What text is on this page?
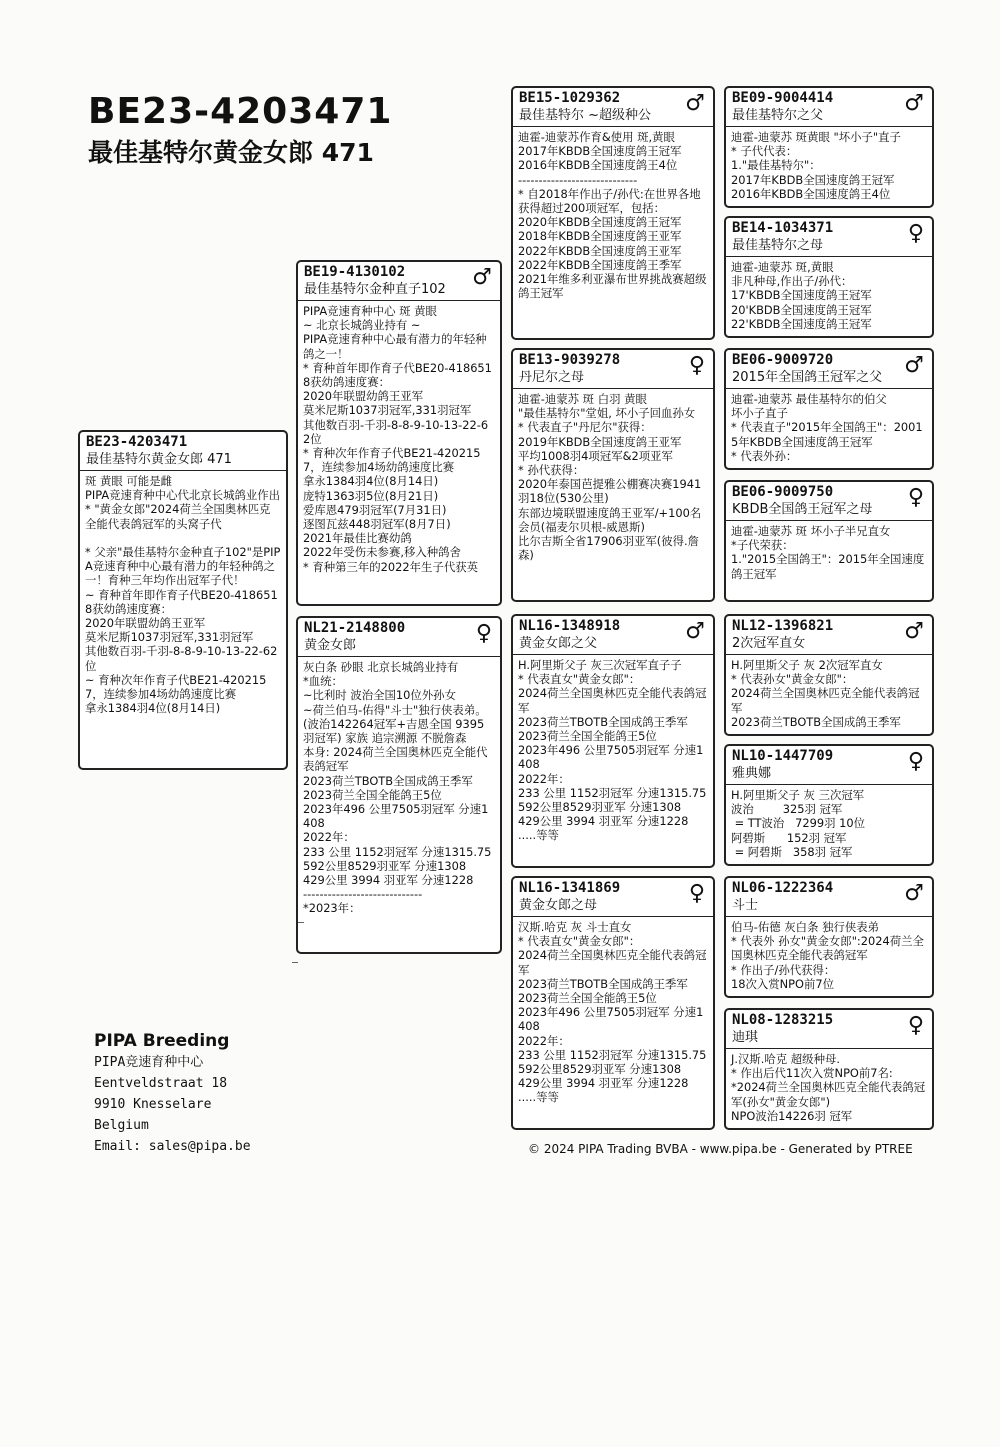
BE23-4203471
最佳基特尔黄金女郎 471
BE23-4203471
最佳基特尔黄金女郎 471
斑 黄眼 可能是雌
PIPA竞速育种中心代北京长城鸽业作出
* "黄金女郎"2024荷兰全国奥林匹克全能代表鸽冠军的头窝子代

* 父亲"最佳基特尔金种直子102"是PIPA竞速育种中心最有潜力的年轻种鸽之一！育种三年均作出冠军子代！
~ 育种首年即作育子代BE20-4186518获幼鸽速度赛：
2020年联盟幼鸽王亚军
莫米尼斯1037羽冠军,331羽冠军
其他数百羽-千羽-8-8-9-10-13-22-62位
~ 育种次年作育子代BE21-4202157，连续参加4场幼鸽速度比赛
拿永1384羽4位(8月14日)
BE19-4130102
最佳基特尔金种直子102	♂
PIPA竞速育种中心 斑 黄眼
~ 北京长城鸽业持有 ~
PIPA竞速育种中心最有潜力的年轻种鸽之一！
* 育种首年即作育子代BE20-4186518获幼鸽速度赛：
2020年联盟幼鸽王亚军
莫米尼斯1037羽冠军,331羽冠军
其他数百羽-千羽-8-8-9-10-13-22-62位
* 育种次年作育子代BE21-4202157，连续参加4场幼鸽速度比赛
拿永1384羽4位(8月14日)
庞特1363羽5位(8月21日)
爱库恩479羽冠军(7月31日)
逐图瓦兹448羽冠军(8月7日)
2021年最佳比赛幼鸽
2022年受伤未参赛,移入种鸽舍
* 育种第三年的2022年生子代获英
NL21-2148800
黄金女郎	♀
灰白条 砂眼 北京长城鸽业持有
*血统：
~比利时 波治全国10位外孙女
~荷兰伯马-佑得"斗士"独行侠表弟。
(波治142264冠军+吉恩全国 9395羽冠军) 家族 追宗溯源 不脱詹森
本身: 2024荷兰全国奥林匹克全能代表鸽冠军
2023荷兰TBOTB全国成鸽王季军
2023荷兰全国全能鸽王5位
2023年496 公里7505羽冠军 分速1408
2022年：
233 公里 1152羽冠军 分速1315.75
592公里8529羽亚军 分速1308
429公里 3994 羽亚军 分速1228
-----------------------------
*2023年：
BE15-1029362
最佳基特尔 ~超级种公	♂
迪霍-迪蒙苏作育&使用 斑,黄眼
2017年KBDB全国速度鸽王冠军
2016年KBDB全国速度鸽王4位
-----------------------------
* 自2018年作出子/孙代:在世界各地获得超过200项冠军，包括：
2020年KBDB全国速度鸽王冠军
2018年KBDB全国速度鸽王亚军
2022年KBDB全国速度鸽王亚军
2022年KBDB全国速度鸽王季军
2021年维多利亚瀑布世界挑战赛超级鸽王冠军
BE13-9039278
丹尼尔之母	♀
迪霍-迪蒙苏 斑 白羽 黄眼
"最佳基特尔"堂姐, 坏小子回血孙女
* 代表直子"丹尼尔"获得：
2019年KBDB全国速度鸽王亚军
平均1008羽4项冠军&2项亚军
* 孙代获得：
2020年泰国芭提雅公棚赛决赛1941羽18位(530公里)
东部边境联盟速度鸽王亚军/+100名会员(福麦尔贝根-威恩斯)
比尔吉斯全省17906羽亚军(彼得.詹森)
NL16-1348918
黄金女郎之父	♂
H.阿里斯父子 灰三次冠军直子子
* 代表直女"黄金女郎"：
2024荷兰全国奥林匹克全能代表鸽冠军
2023荷兰TBOTB全国成鸽王季军
2023荷兰全国全能鸽王5位
2023年496 公里7505羽冠军 分速1408
2022年：
233 公里 1152羽冠军 分速1315.75
592公里8529羽亚军 分速1308
429公里 3994 羽亚军 分速1228
.....等等
NL16-1341869
黄金女郎之母	♀
汉斯.哈克 灰 斗士直女
* 代表直女"黄金女郎"：
2024荷兰全国奥林匹克全能代表鸽冠军
2023荷兰TBOTB全国成鸽王季军
2023荷兰全国全能鸽王5位
2023年496 公里7505羽冠军 分速1408
2022年：
233 公里 1152羽冠军 分速1315.75
592公里8529羽亚军 分速1308
429公里 3994 羽亚军 分速1228
.....等等
BE09-9004414
最佳基特尔之父	♂
迪霍-迪蒙苏 斑黄眼 "坏小子"直子
* 子代代表：
1."最佳基特尔"：
2017年KBDB全国速度鸽王冠军
2016年KBDB全国速度鸽王4位
BE14-1034371
最佳基特尔之母	♀
迪霍-迪蒙苏 斑,黄眼
非凡种母,作出子/孙代：
17'KBDB全国速度鸽王冠军
20'KBDB全国速度鸽王冠军
22'KBDB全国速度鸽王冠军
BE06-9009720
2015年全国鸽王冠军之父	♂
迪霍-迪蒙苏 最佳基特尔的伯父
坏小子直子
* 代表直子"2015年全国鸽王"：20015年KBDB全国速度鸽王冠军
* 代表外孙：
BE06-9009750
KBDB全国鸽王冠军之母	♀
迪霍-迪蒙苏 斑 坏小子半兄直女
*子代荣获：
1."2015全国鸽王"：2015年全国速度鸽王冠军
NL12-1396821
2次冠军直女	♂
H.阿里斯父子 灰 2次冠军直女
* 代表孙女"黄金女郎"：
2024荷兰全国奥林匹克全能代表鸽冠军
2023荷兰TBOTB全国成鸽王季军
NL10-1447709
雅典娜	♀
H.阿里斯父子 灰 三次冠军
波治        325羽 冠军
= TT波治   7299羽 10位
阿碧斯      152羽 冠军
= 阿碧斯   358羽 冠军
NL06-1222364
斗士	♂
伯马-佑德 灰白条 独行侠表弟
* 代表外 孙女"黄金女郎":2024荷兰全国奥林匹克全能代表鸽冠军
* 作出子/孙代获得：
18次入赏NPO前7位
NL08-1283215
迪琪	♀
J.汉斯.哈克 超级种母.
* 作出后代11次入赏NPO前7名:
*2024荷兰全国奥林匹克全能代表鸽冠军(孙女"黄金女郎")
NPO波治14226羽 冠军
PIPA Breeding
PIPA竞速育种中心
Eentveldstraat 18
9910 Knesselare
Belgium
Email: sales@pipa.be	© 2024 PIPA Trading BVBA - www.pipa.be - Generated by PTREE
